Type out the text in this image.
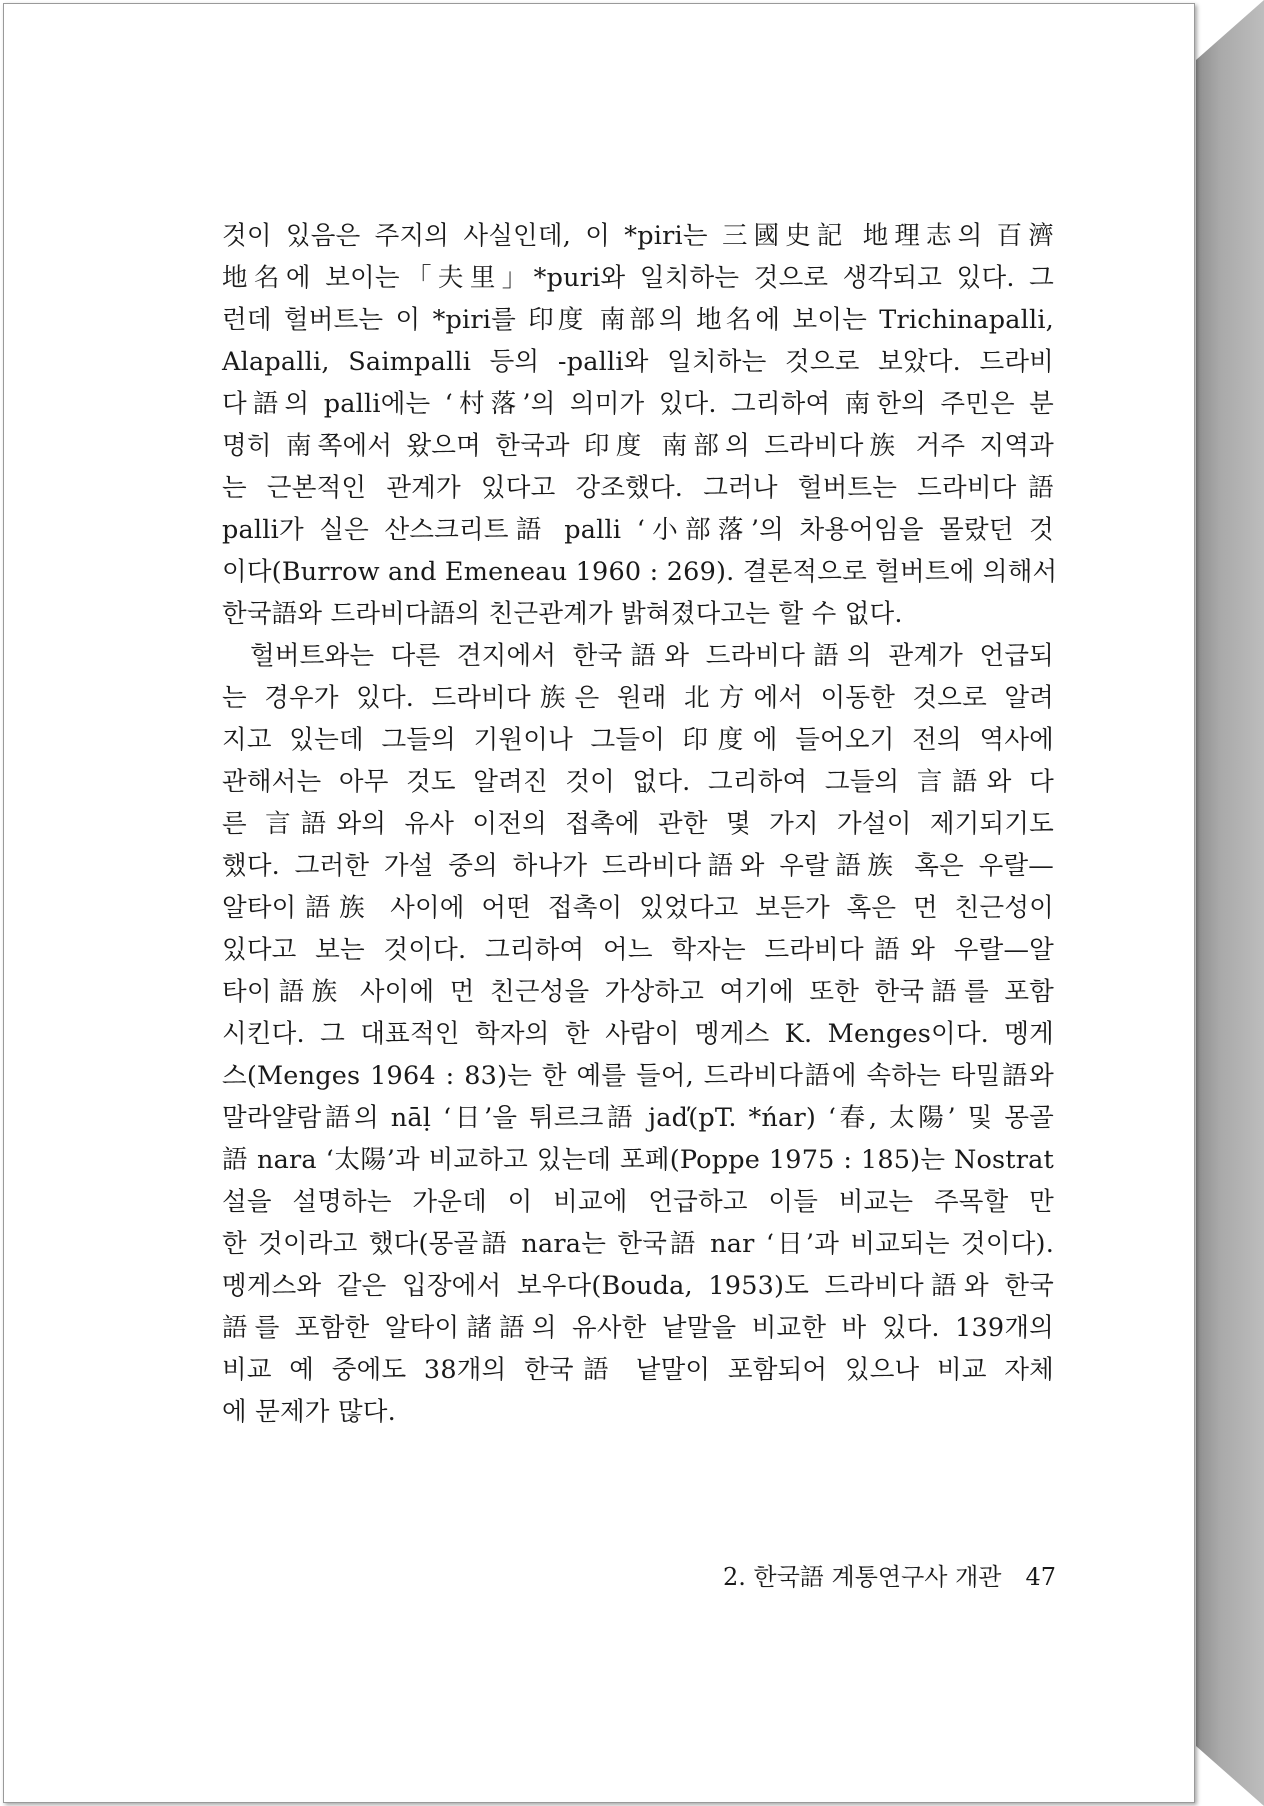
것이 있음은 주지의 사실인데, 이 *piri는 三國史記 地理志의 百濟
地名에 보이는「夫里」*puri와 일치하는 것으로 생각되고 있다. 그
런데 헐버트는 이 *piri를 印度 南部의 地名에 보이는 Trichinapalli,
Alapalli, Saimpalli 등의 -palli와 일치하는 것으로 보았다. 드라비
다語의 palli에는 ‘村落’의 의미가 있다. 그리하여 南한의 주민은 분
명히 南쪽에서 왔으며 한국과 印度 南部의 드라비다族 거주 지역과
는 근본적인 관계가 있다고 강조했다. 그러나 헐버트는 드라비다語
palli가 실은 산스크리트語 palli ‘小部落’의 차용어임을 몰랐던 것
이다(Burrow and Emeneau 1960 : 269). 결론적으로 헐버트에 의해서
한국語와 드라비다語의 친근관계가 밝혀졌다고는 할 수 없다.
헐버트와는 다른 견지에서 한국語와 드라비다語의 관계가 언급되
는 경우가 있다. 드라비다族은 원래 北方에서 이동한 것으로 알려
지고 있는데 그들의 기원이나 그들이 印度에 들어오기 전의 역사에
관해서는 아무 것도 알려진 것이 없다. 그리하여 그들의 言語와 다
른 言語와의 유사 이전의 접촉에 관한 몇 가지 가설이 제기되기도
했다. 그러한 가설 중의 하나가 드라비다語와 우랄語族 혹은 우랄—
알타이語族 사이에 어떤 접촉이 있었다고 보든가 혹은 먼 친근성이
있다고 보는 것이다. 그리하여 어느 학자는 드라비다語와 우랄—알
타이語族 사이에 먼 친근성을 가상하고 여기에 또한 한국語를 포함
시킨다. 그 대표적인 학자의 한 사람이 멩게스 K. Menges이다. 멩게
스(Menges 1964 : 83)는 한 예를 들어, 드라비다語에 속하는 타밀語와
말라얄람語의 nāḷ ‘日’을 튀르크語 jaď(pT. *ńar) ‘春, 太陽’ 및 몽골
語 nara ‘太陽’과 비교하고 있는데 포페(Poppe 1975 : 185)는 Nostrat
설을 설명하는 가운데 이 비교에 언급하고 이들 비교는 주목할 만
한 것이라고 했다(몽골語 nara는 한국語 nar ‘日’과 비교되는 것이다).
멩게스와 같은 입장에서 보우다(Bouda, 1953)도 드라비다語와 한국
語를 포함한 알타이諸語의 유사한 낱말을 비교한 바 있다. 139개의
비교 예 중에도 38개의 한국語 낱말이 포함되어 있으나 비교 자체
에 문제가 많다.
2. 한국語 계통연구사 개관 47
